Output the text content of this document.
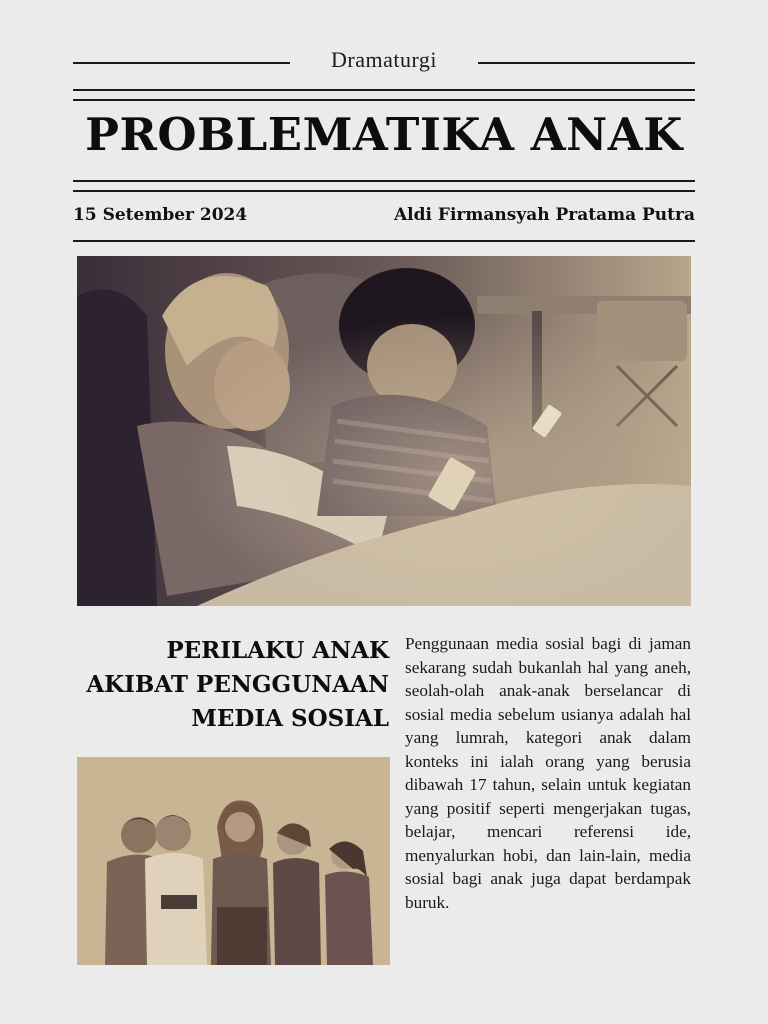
Dramaturgi
PROBLEMATIKA ANAK
15 Setember 2024	Aldi Firmansyah Pratama Putra
PERILAKU ANAK
AKIBAT PENGGUNAAN
MEDIA SOSIAL
Penggunaan media sosial bagi di jaman sekarang sudah bukanlah hal yang aneh, seolah-olah anak-anak berselancar di sosial media sebelum usianya adalah hal yang lumrah, kategori anak dalam konteks ini ialah orang yang berusia dibawah 17 tahun, selain untuk kegiatan yang positif seperti mengerjakan tugas, belajar, mencari referensi ide, menyalurkan hobi, dan lain-lain, media sosial bagi anak juga dapat berdampak buruk.
